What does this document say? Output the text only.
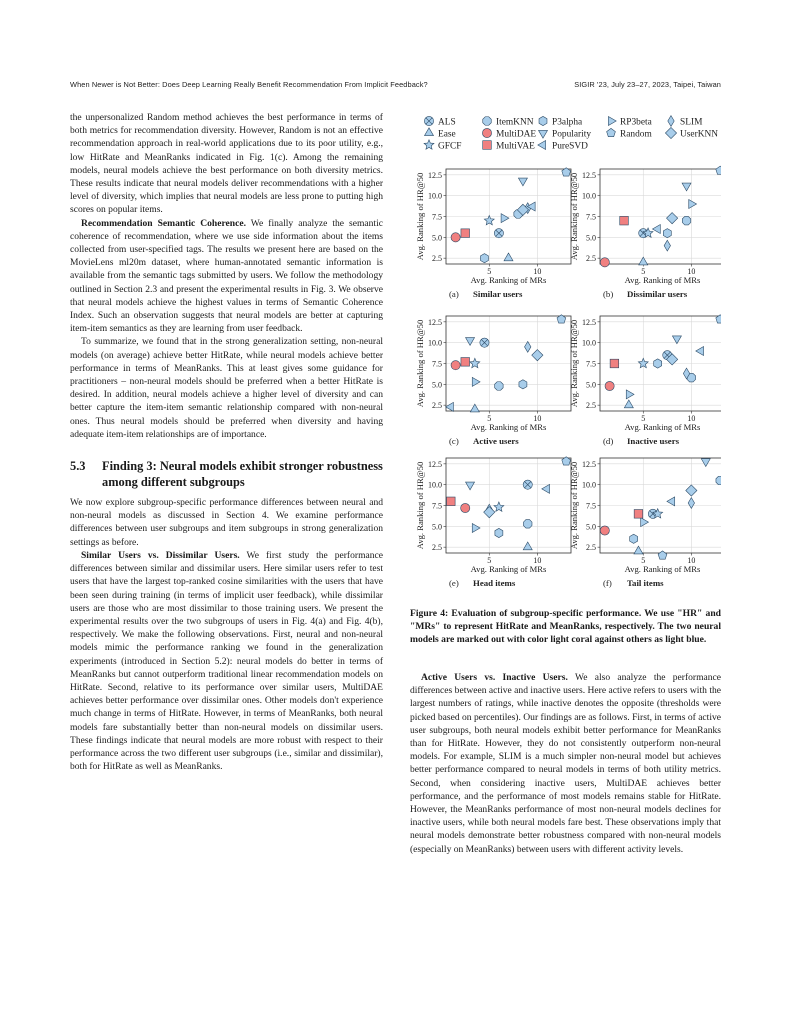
When Newer is Not Better: Does Deep Learning Really Benefit Recommendation From Implicit Feedback?	SIGIR '23, July 23–27, 2023, Taipei, Taiwan

the unpersonalized Random method achieves the best performance in terms of both metrics for recommendation diversity. However, Random is not an effective recommendation approach in real-world applications due to its poor utility, e.g., low HitRate and MeanRanks indicated in Fig. 1(c). Among the remaining models, neural models achieve the best performance on both diversity metrics. These results indicate that neural models deliver recommendations with a higher level of diversity, which implies that neural models are less prone to putting high scores on popular items.

Recommendation Semantic Coherence. We finally analyze the semantic coherence of recommendation, where we use side information about the items collected from user-specified tags. The results we present here are based on the MovieLens ml20m dataset, where human-annotated semantic information is available from the semantic tags submitted by users. We follow the methodology outlined in Section 2.3 and present the experimental results in Fig. 3. We observe that neural models achieve the highest values in terms of Semantic Coherence Index. Such an observation suggests that neural models are better at capturing item-item semantics as they are learning from user feedback.

To summarize, we found that in the strong generalization setting, non-neural models (on average) achieve better HitRate, while neural models achieve better performance in terms of MeanRanks. This at least gives some guidance for practitioners – non-neural models should be preferred when a better HitRate is desired. In addition, neural models achieve a higher level of diversity and can better capture the item-item semantic relationship compared with non-neural ones. Thus neural models should be preferred when diversity and having adequate item-item relationships are of importance.

5.3	Finding 3: Neural models exhibit stronger robustness among different subgroups

We now explore subgroup-specific performance differences between neural and non-neural models as discussed in Section 4. We examine performance differences between user subgroups and item subgroups in strong generalization settings as before.

Similar Users vs. Dissimilar Users. We first study the performance differences between similar and dissimilar users. Here similar users refer to test users that have the largest top-ranked cosine similarities with the users that have been seen during training (in terms of implicit user feedback), while dissimilar users are those who are most dissimilar to those training users. We present the experimental results over the two subgroups of users in Fig. 4(a) and Fig. 4(b), respectively. We make the following observations. First, neural and non-neural models mimic the performance ranking we found in the generalization experiments (introduced in Section 5.2): neural models do better in terms of MeanRanks but cannot outperform traditional linear recommendation models on HitRate. Second, relative to its performance over similar users, MultiDAE achieves better performance over dissimilar ones. Other models don't experience much change in terms of HitRate. However, in terms of MeanRanks, both neural models fare substantially better than non-neural models on dissimilar users. These findings indicate that neural models are more robust with respect to their performance across the two different user subgroups (i.e., similar and dissimilar), both for HitRate as well as MeanRanks.

ALS	ItemKNN P3alpha	RP3beta	SLIM
Ease	MultiDAE Popularity	Random	UserKNN
GFCF	MultiVAE PureSVD
2.5
5.0
7.5
10.0
12.5
5	10
Avg. Ranking of MRs
Avg. Ranking of HR@50
(a) Similar users
2.5
5.0
7.5
10.0
12.5
5	10
Avg. Ranking of MRs
Avg. Ranking of HR@50
(b) Dissimilar users
2.5
5.0
7.5
10.0
12.5
5	10
Avg. Ranking of MRs
Avg. Ranking of HR@50
(c) Active users
2.5
5.0
7.5
10.0
12.5
5	10
Avg. Ranking of MRs
Avg. Ranking of HR@50
(d) Inactive users
2.5
5.0
7.5
10.0
12.5
5	10
Avg. Ranking of MRs
Avg. Ranking of HR@50
(e) Head items
2.5
5.0
7.5
10.0
12.5
5	10
Avg. Ranking of MRs
Avg. Ranking of HR@50
(f) Tail items

Figure 4: Evaluation of subgroup-specific performance. We use "HR" and "MRs" to represent HitRate and MeanRanks, respectively. The two neural models are marked out with color light coral against others as light blue.

Active Users vs. Inactive Users. We also analyze the performance differences between active and inactive users. Here active refers to users with the largest numbers of ratings, while inactive denotes the opposite (thresholds were picked based on percentiles). Our findings are as follows. First, in terms of active user subgroups, both neural models exhibit better performance for MeanRanks than for HitRate. However, they do not consistently outperform non-neural models. For example, SLIM is a much simpler non-neural model but achieves better performance compared to neural models in terms of both utility metrics. Second, when considering inactive users, MultiDAE achieves better performance, and the performance of most models remains stable for HitRate. However, the MeanRanks performance of most non-neural models declines for inactive users, while both neural models fare best. These observations imply that neural models demonstrate better robustness compared with non-neural models (especially on MeanRanks) between users with different activity levels.
